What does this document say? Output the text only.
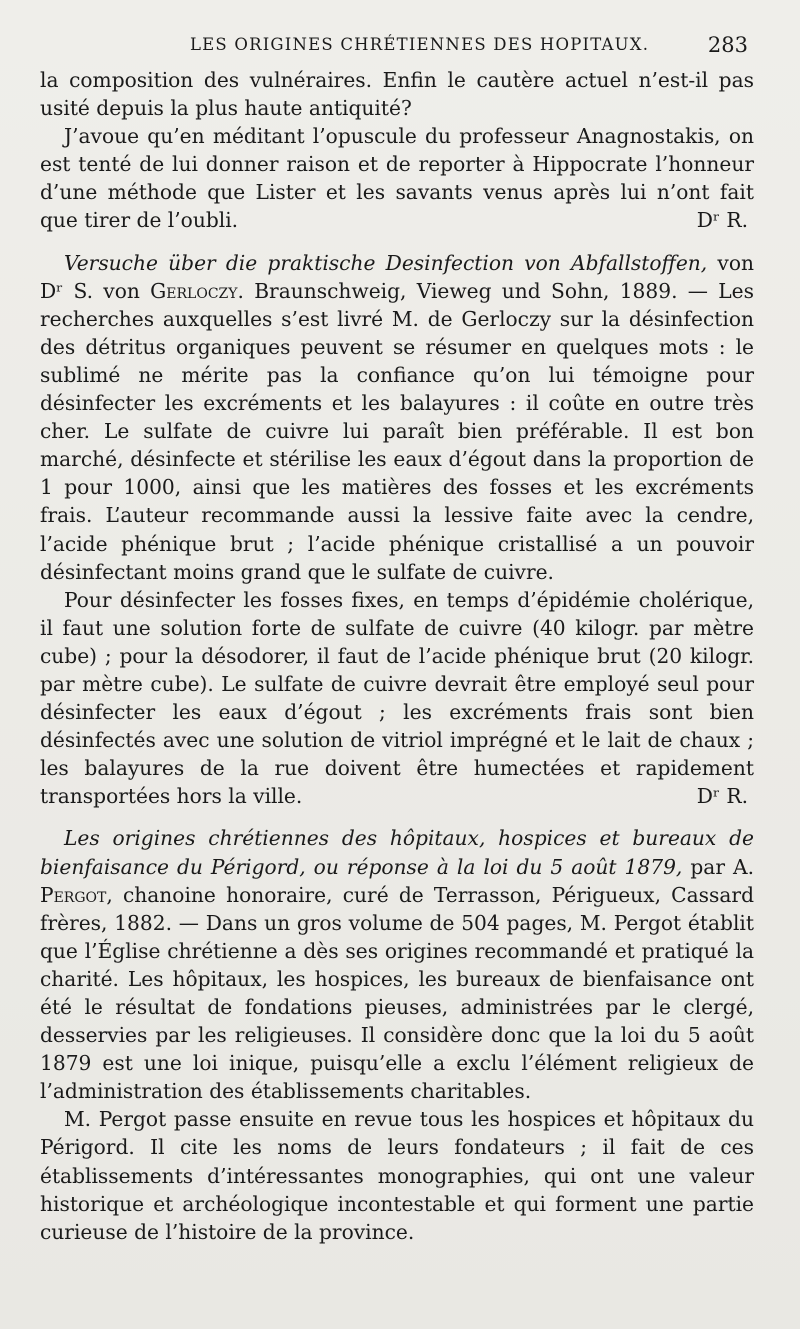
LES ORIGINES CHRÉTIENNES DES HOPITAUX.	283

la composition des vulnéraires. Enfin le cautère actuel n’est-il pas usité depuis la plus haute antiquité?

J’avoue qu’en méditant l’opuscule du professeur Anagnostakis, on est tenté de lui donner raison et de reporter à Hippocrate l’honneur d’une méthode que Lister et les savants venus après lui n’ont fait que tirer de l’oubli.	Dʳ R.

Versuche über die praktische Desinfection von Abfallstoffen, von Dʳ S. von Gerloczy. Braunschweig, Vieweg und Sohn, 1889. — Les recherches auxquelles s’est livré M. de Gerloczy sur la désinfection des détritus organiques peuvent se résumer en quelques mots : le sublimé ne mérite pas la confiance qu’on lui témoigne pour désinfecter les excréments et les balayures : il coûte en outre très cher. Le sulfate de cuivre lui paraît bien préférable. Il est bon marché, désinfecte et stérilise les eaux d’égout dans la proportion de 1 pour 1000, ainsi que les matières des fosses et les excréments frais. L’auteur recommande aussi la lessive faite avec la cendre, l’acide phénique brut ; l’acide phénique cristallisé a un pouvoir désinfectant moins grand que le sulfate de cuivre.

Pour désinfecter les fosses fixes, en temps d’épidémie cholérique, il faut une solution forte de sulfate de cuivre (40 kilogr. par mètre cube) ; pour la désodorer, il faut de l’acide phénique brut (20 kilogr. par mètre cube). Le sulfate de cuivre devrait être employé seul pour désinfecter les eaux d’égout ; les excréments frais sont bien désinfectés avec une solution de vitriol imprégné et le lait de chaux ; les balayures de la rue doivent être humectées et rapidement transportées hors la ville.	Dʳ R.

Les origines chrétiennes des hôpitaux, hospices et bureaux de bienfaisance du Périgord, ou réponse à la loi du 5 août 1879, par A. Pergot, chanoine honoraire, curé de Terrasson, Périgueux, Cassard frères, 1882. — Dans un gros volume de 504 pages, M. Pergot établit que l’Église chrétienne a dès ses origines recommandé et pratiqué la charité. Les hôpitaux, les hospices, les bureaux de bienfaisance ont été le résultat de fondations pieuses, administrées par le clergé, desservies par les religieuses. Il considère donc que la loi du 5 août 1879 est une loi inique, puisqu’elle a exclu l’élément religieux de l’administration des établissements charitables.

M. Pergot passe ensuite en revue tous les hospices et hôpitaux du Périgord. Il cite les noms de leurs fondateurs ; il fait de ces établissements d’intéressantes monographies, qui ont une valeur historique et archéologique incontestable et qui forment une partie curieuse de l’histoire de la province.
